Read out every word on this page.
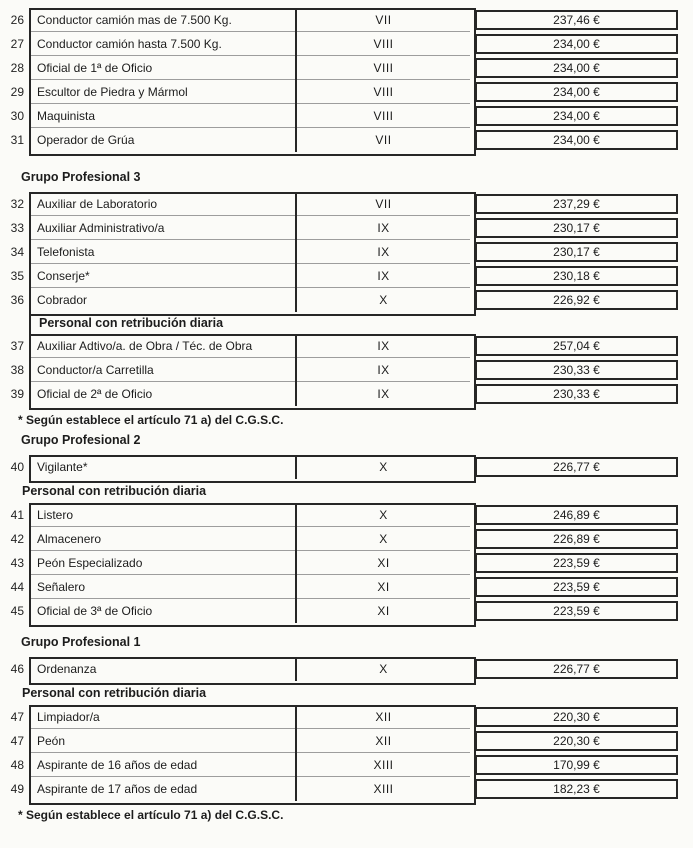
26	Conductor camión mas de 7.500 Kg.	VII	237,46 €
27	Conductor camión hasta 7.500 Kg.	VIII	234,00 €
28	Oficial de 1ª de Oficio	VIII	234,00 €
29	Escultor de Piedra y Mármol	VIII	234,00 €
30	Maquinista	VIII	234,00 €
31	Operador de Grúa	VII	234,00 €
Grupo Profesional 3
32	Auxiliar de Laboratorio	VII	237,29 €
33	Auxiliar Administrativo/a	IX	230,17 €
34	Telefonista	IX	230,17 €
35	Conserje*	IX	230,18 €
36	Cobrador	X	226,92 €
Personal con retribución diaria
37	Auxiliar Adtivo/a. de Obra / Téc. de Obra	IX	257,04 €
38	Conductor/a Carretilla	IX	230,33 €
39	Oficial de 2ª de Oficio	IX	230,33 €
* Según establece el artículo 71 a) del C.G.S.C.
Grupo Profesional 2
40	Vigilante*	X	226,77 €
Personal con retribución diaria
41	Listero	X	246,89 €
42	Almacenero	X	226,89 €
43	Peón Especializado	XI	223,59 €
44	Señalero	XI	223,59 €
45	Oficial de 3ª de Oficio	XI	223,59 €
Grupo Profesional 1
46	Ordenanza	X	226,77 €
Personal con retribución diaria
47	Limpiador/a	XII	220,30 €
47	Peón	XII	220,30 €
48	Aspirante de 16 años de edad	XIII	170,99 €
49	Aspirante de 17 años de edad	XIII	182,23 €
* Según establece el artículo 71 a) del C.G.S.C.
